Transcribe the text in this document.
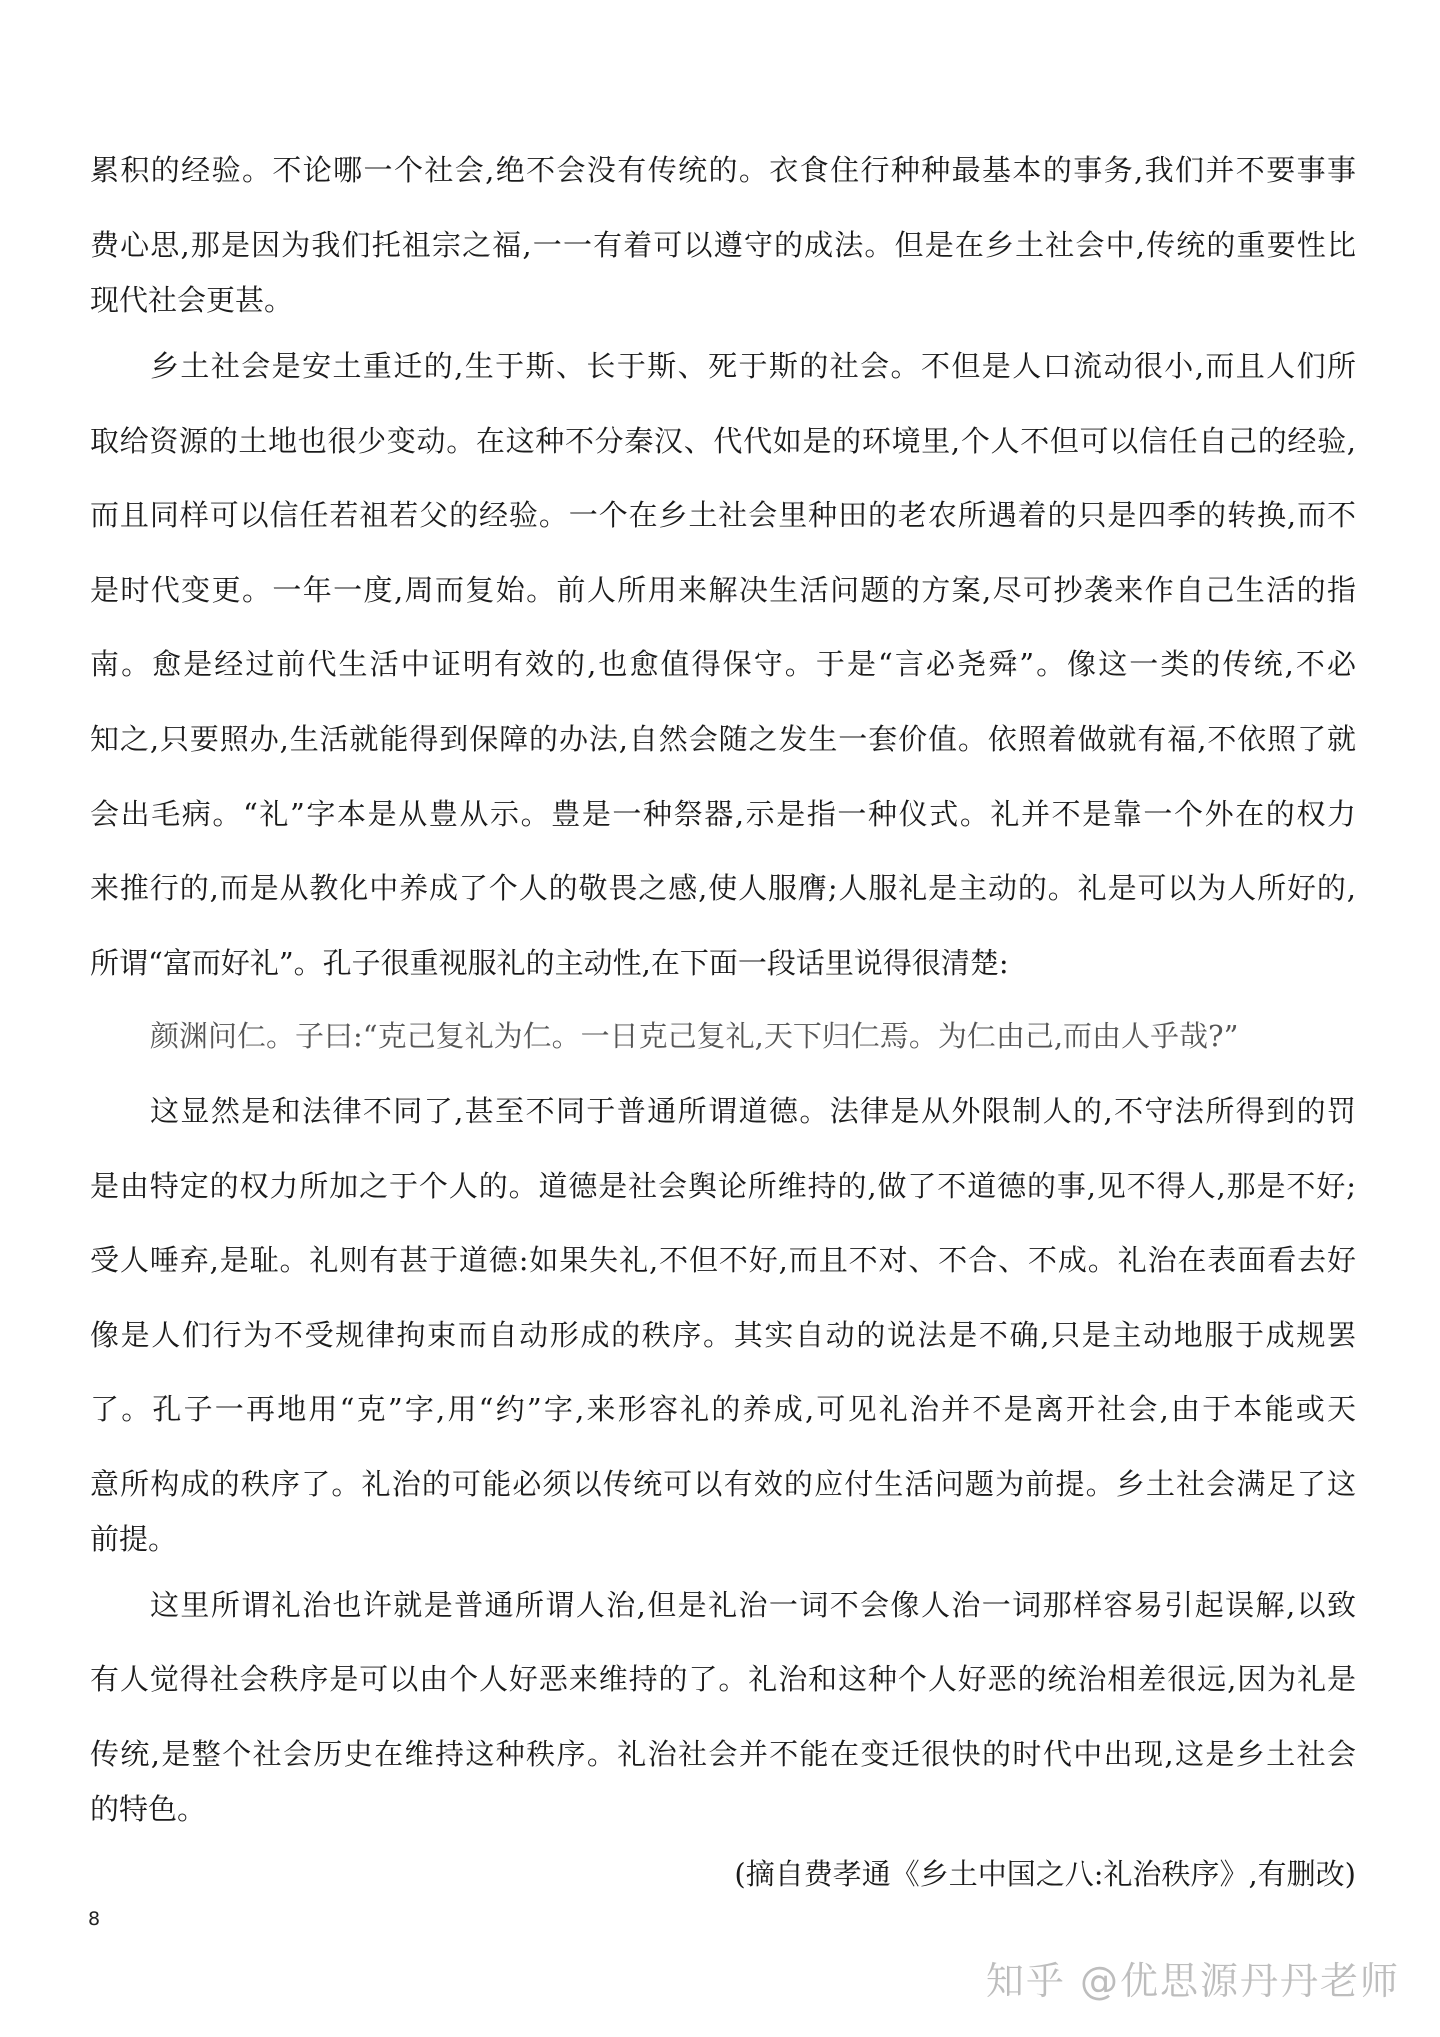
累积的经验。不论哪一个社会,绝不会没有传统的。衣食住行种种最基本的事务,我们并不要事事
费心思,那是因为我们托祖宗之福,一一有着可以遵守的成法。但是在乡土社会中,传统的重要性比
现代社会更甚。
乡土社会是安土重迁的,生于斯、长于斯、死于斯的社会。不但是人口流动很小,而且人们所
取给资源的土地也很少变动。在这种不分秦汉、代代如是的环境里,个人不但可以信任自己的经验,
而且同样可以信任若祖若父的经验。一个在乡土社会里种田的老农所遇着的只是四季的转换,而不
是时代变更。一年一度,周而复始。前人所用来解决生活问题的方案,尽可抄袭来作自己生活的指
南。愈是经过前代生活中证明有效的,也愈值得保守。于是“言必尧舜”。像这一类的传统,不必
知之,只要照办,生活就能得到保障的办法,自然会随之发生一套价值。依照着做就有福,不依照了就
会出毛病。“礼”字本是从豊从示。豊是一种祭器,示是指一种仪式。礼并不是靠一个外在的权力
来推行的,而是从教化中养成了个人的敬畏之感,使人服膺;人服礼是主动的。礼是可以为人所好的,
所谓“富而好礼”。孔子很重视服礼的主动性,在下面一段话里说得很清楚:
颜渊问仁。子曰:“克己复礼为仁。一日克己复礼,天下归仁焉。为仁由己,而由人乎哉?”
这显然是和法律不同了,甚至不同于普通所谓道德。法律是从外限制人的,不守法所得到的罚
是由特定的权力所加之于个人的。道德是社会舆论所维持的,做了不道德的事,见不得人,那是不好;
受人唾弃,是耻。礼则有甚于道德:如果失礼,不但不好,而且不对、不合、不成。礼治在表面看去好
像是人们行为不受规律拘束而自动形成的秩序。其实自动的说法是不确,只是主动地服于成规罢
了。孔子一再地用“克”字,用“约”字,来形容礼的养成,可见礼治并不是离开社会,由于本能或天
意所构成的秩序了。礼治的可能必须以传统可以有效的应付生活问题为前提。乡土社会满足了这
前提。
这里所谓礼治也许就是普通所谓人治,但是礼治一词不会像人治一词那样容易引起误解,以致
有人觉得社会秩序是可以由个人好恶来维持的了。礼治和这种个人好恶的统治相差很远,因为礼是
传统,是整个社会历史在维持这种秩序。礼治社会并不能在变迁很快的时代中出现,这是乡土社会
的特色。
(摘自费孝通《乡土中国之八:礼治秩序》,有删改)
8
知乎 @优思源丹丹老师
